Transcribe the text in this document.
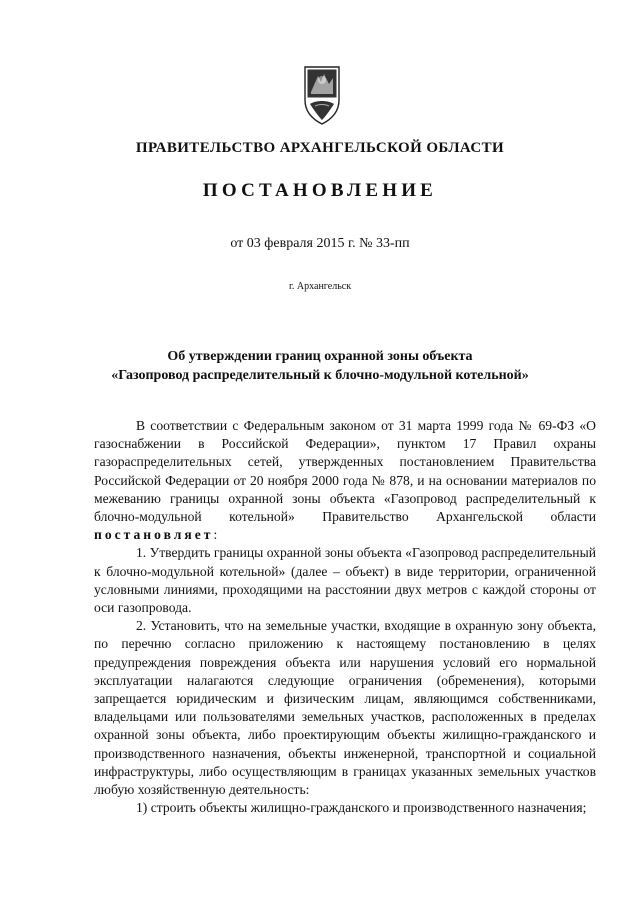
ПРАВИТЕЛЬСТВО АРХАНГЕЛЬСКОЙ ОБЛАСТИ
ПОСТАНОВЛЕНИЕ
от 03 февраля 2015 г. № 33-пп
г. Архангельск
Об утверждении границ охранной зоны объекта
«Газопровод распределительный к блочно-модульной котельной»

В соответствии с Федеральным законом от 31 марта 1999 года № 69-ФЗ «О газоснабжении в Российской Федерации», пунктом 17 Правил охраны газораспределительных сетей, утвержденных постановлением Правительства Российской Федерации от 20 ноября 2000 года № 878, и на основании материалов по межеванию границы охранной зоны объекта «Газопровод распределительный к блочно-модульной котельной» Правительство Архангельской области постановляет:

1. Утвердить границы охранной зоны объекта «Газопровод распределительный к блочно-модульной котельной» (далее – объект) в виде территории, ограниченной условными линиями, проходящими на расстоянии двух метров с каждой стороны от оси газопровода.

2. Установить, что на земельные участки, входящие в охранную зону объекта, по перечню согласно приложению к настоящему постановлению в целях предупреждения повреждения объекта или нарушения условий его нормальной эксплуатации налагаются следующие ограничения (обременения), которыми запрещается юридическим и физическим лицам, являющимся собственниками, владельцами или пользователями земельных участков, расположенных в пределах охранной зоны объекта, либо проектирующим объекты жилищно-гражданского и производственного назначения, объекты инженерной, транспортной и социальной инфраструктуры, либо осуществляющим в границах указанных земельных участков любую хозяйственную деятельность:

1) строить объекты жилищно-гражданского и производственного назначения;
